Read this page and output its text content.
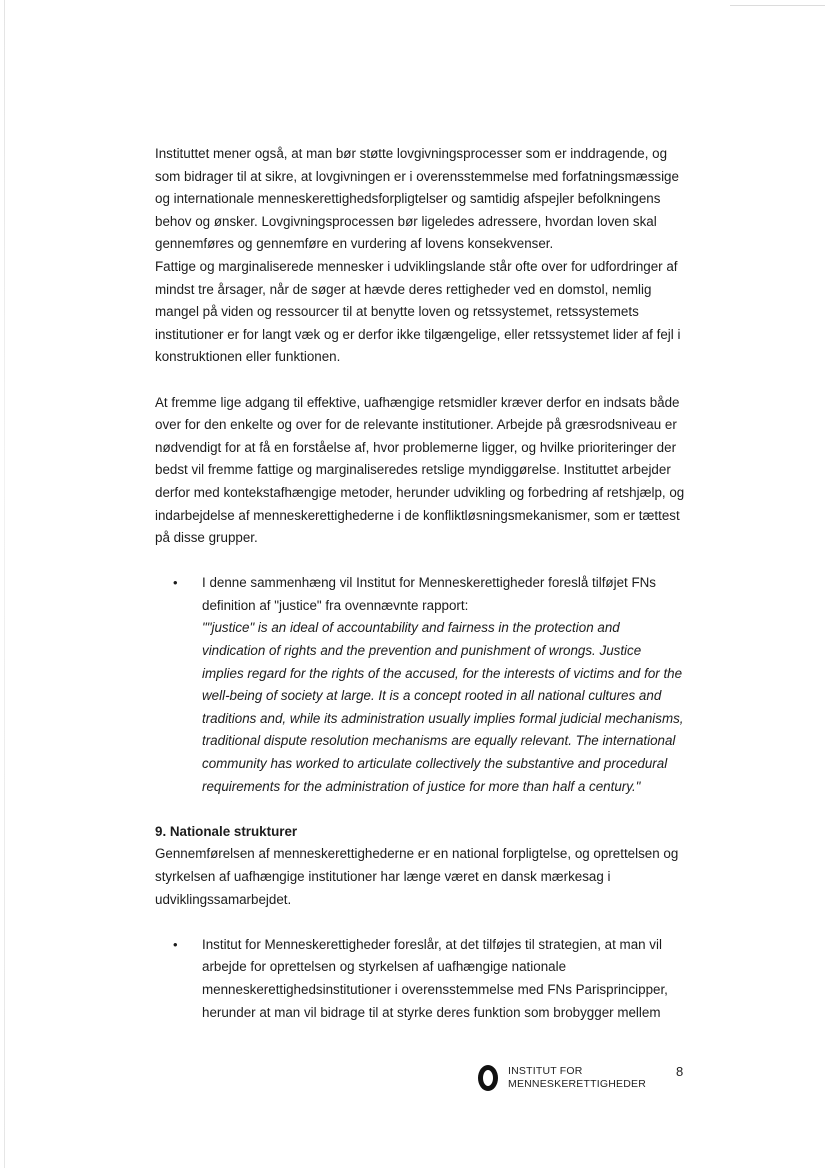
Instituttet mener også, at man bør støtte lovgivningsprocesser som er inddragende, og som bidrager til at sikre, at lovgivningen er i overensstemmelse med forfatningsmæssige og internationale menneskerettighedsforpligtelser og samtidig afspejler befolkningens behov og ønsker. Lovgivningsprocessen bør ligeledes adressere, hvordan loven skal gennemføres og gennemføre en vurdering af lovens konsekvenser.

Fattige og marginaliserede mennesker i udviklingslande står ofte over for udfordringer af mindst tre årsager, når de søger at hævde deres rettigheder ved en domstol, nemlig mangel på viden og ressourcer til at benytte loven og retssystemet, retssystemets institutioner er for langt væk og er derfor ikke tilgængelige, eller retssystemet lider af fejl i konstruktionen eller funktionen.

At fremme lige adgang til effektive, uafhængige retsmidler kræver derfor en indsats både over for den enkelte og over for de relevante institutioner. Arbejde på græsrodsniveau er nødvendigt for at få en forståelse af, hvor problemerne ligger, og hvilke prioriteringer der bedst vil fremme fattige og marginaliseredes retslige myndiggørelse. Instituttet arbejder derfor med kontekstafhængige metoder, herunder udvikling og forbedring af retshjælp, og indarbejdelse af menneskerettighederne i de konfliktløsningsmekanismer, som er tættest på disse grupper.

• I denne sammenhæng vil Institut for Menneskerettigheder foreslå tilføjet FNs definition af "justice" fra ovennævnte rapport:

""justice" is an ideal of accountability and fairness in the protection and vindication of rights and the prevention and punishment of wrongs. Justice implies regard for the rights of the accused, for the interests of victims and for the well-being of society at large. It is a concept rooted in all national cultures and traditions and, while its administration usually implies formal judicial mechanisms, traditional dispute resolution mechanisms are equally relevant. The international community has worked to articulate collectively the substantive and procedural requirements for the administration of justice for more than half a century."

9. Nationale strukturer

Gennemførelsen af menneskerettighederne er en national forpligtelse, og oprettelsen og styrkelsen af uafhængige institutioner har længe været en dansk mærkesag i udviklingssamarbejdet.

• Institut for Menneskerettigheder foreslår, at det tilføjes til strategien, at man vil arbejde for oprettelsen og styrkelsen af uafhængige nationale menneskerettighedsinstitutioner i overensstemmelse med FNs Parisprincipper, herunder at man vil bidrage til at styrke deres funktion som brobygger mellem

INSTITUT FOR
MENNESKERETTIGHEDER
8
